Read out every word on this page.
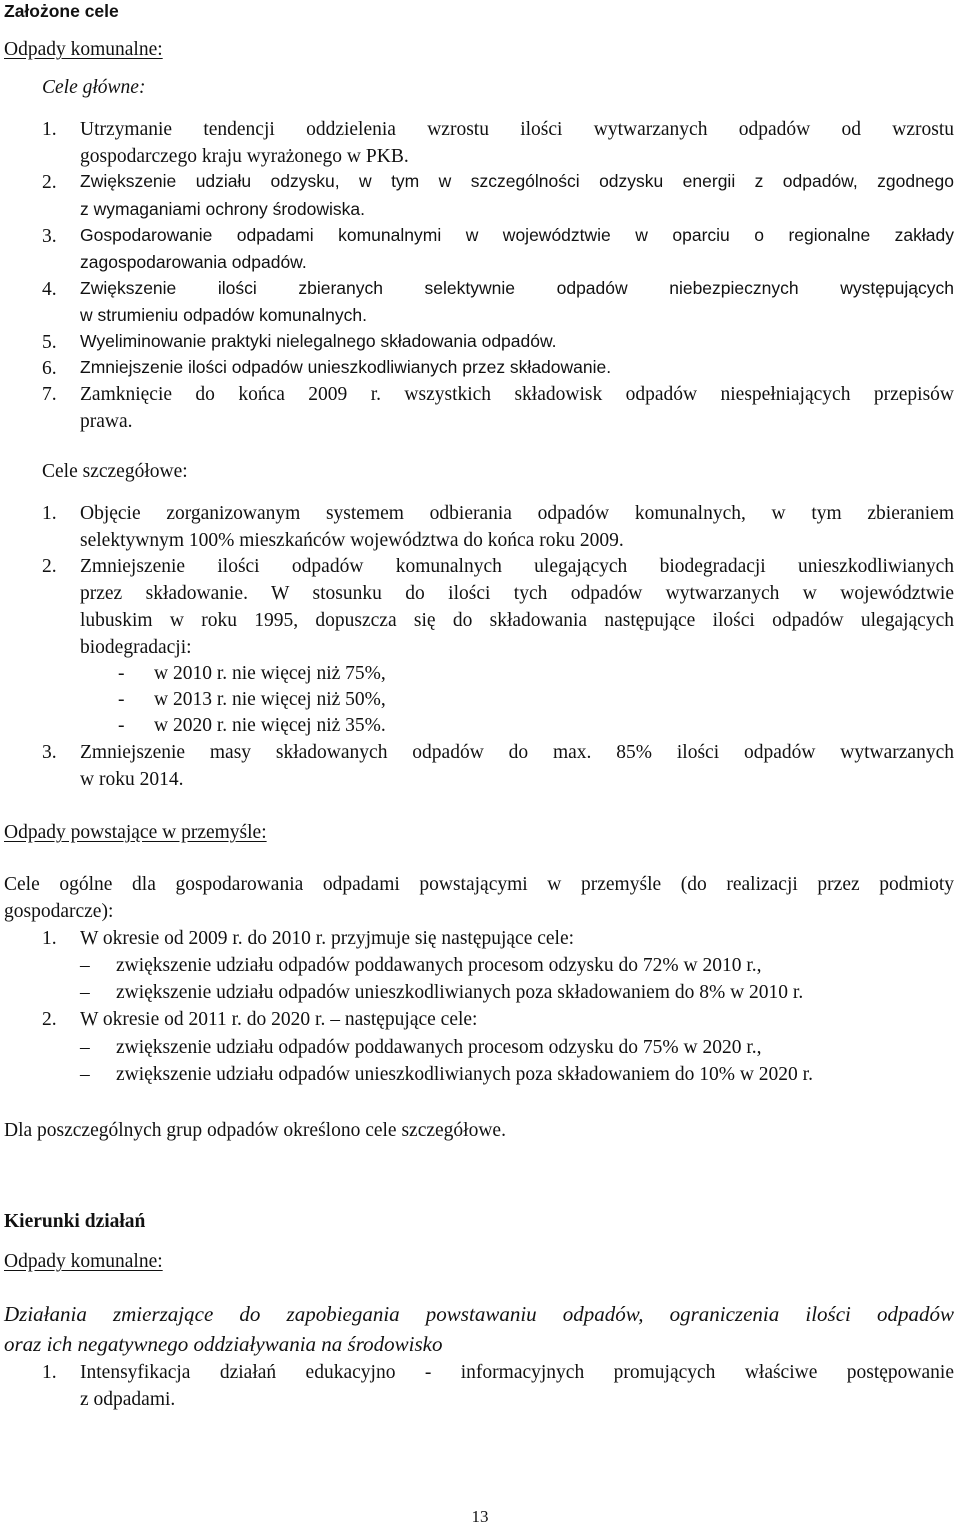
Założone cele
Odpady komunalne:
Cele główne:
1. Utrzymanie tendencji oddzielenia wzrostu ilości wytwarzanych odpadów od wzrostu
gospodarczego kraju wyrażonego w PKB.
2. Zwiększenie udziału odzysku, w tym w szczególności odzysku energii z odpadów, zgodnego
z wymaganiami ochrony środowiska.
3. Gospodarowanie odpadami komunalnymi w województwie w oparciu o regionalne zakłady
zagospodarowania odpadów.
4. Zwiększenie ilości zbieranych selektywnie odpadów niebezpiecznych występujących
w strumieniu odpadów komunalnych.
5. Wyeliminowanie praktyki nielegalnego składowania odpadów.
6. Zmniejszenie ilości odpadów unieszkodliwianych przez składowanie.
7. Zamknięcie do końca 2009 r. wszystkich składowisk odpadów niespełniających przepisów
prawa.
Cele szczegółowe:
1. Objęcie zorganizowanym systemem odbierania odpadów komunalnych, w tym zbieraniem
selektywnym 100% mieszkańców województwa do końca roku 2009.
2. Zmniejszenie ilości odpadów komunalnych ulegających biodegradacji unieszkodliwianych
przez składowanie. W stosunku do ilości tych odpadów wytwarzanych w województwie
lubuskim w roku 1995, dopuszcza się do składowania następujące ilości odpadów ulegających
biodegradacji:
- w 2010 r. nie więcej niż 75%,
- w 2013 r. nie więcej niż 50%,
- w 2020 r. nie więcej niż 35%.
3. Zmniejszenie masy składowanych odpadów do max. 85% ilości odpadów wytwarzanych
w roku 2014.
Odpady powstające w przemyśle:
Cele ogólne dla gospodarowania odpadami powstającymi w przemyśle (do realizacji przez podmioty
gospodarcze):
1. W okresie od 2009 r. do 2010 r. przyjmuje się następujące cele:
– zwiększenie udziału odpadów poddawanych procesom odzysku do 72% w 2010 r.,
– zwiększenie udziału odpadów unieszkodliwianych poza składowaniem do 8% w 2010 r.
2. W okresie od 2011 r. do 2020 r. – następujące cele:
– zwiększenie udziału odpadów poddawanych procesom odzysku do 75% w 2020 r.,
– zwiększenie udziału odpadów unieszkodliwianych poza składowaniem do 10% w 2020 r.
Dla poszczególnych grup odpadów określono cele szczegółowe.
Kierunki działań
Odpady komunalne:
Działania zmierzające do zapobiegania powstawaniu odpadów, ograniczenia ilości odpadów
oraz ich negatywnego oddziaływania na środowisko
1. Intensyfikacja działań edukacyjno - informacyjnych promujących właściwe postępowanie
z odpadami.
13
